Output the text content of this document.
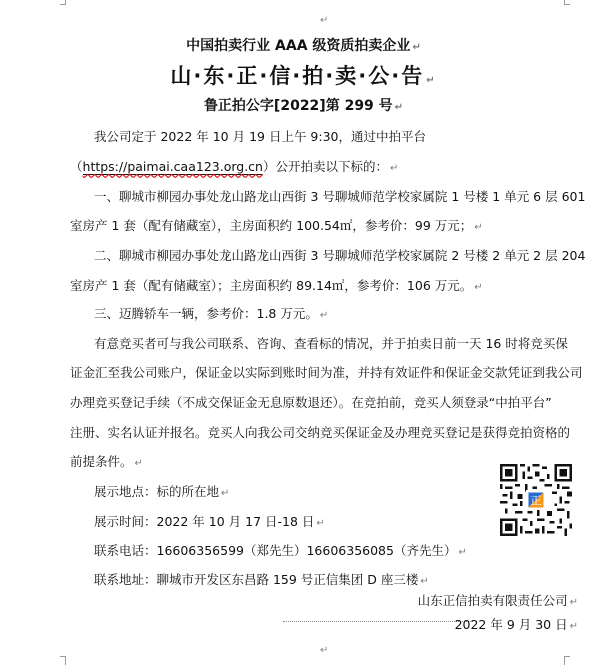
↵
中国拍卖行业 AAA 级资质拍卖企业 ↵
山·东·正·信·拍·卖·公·告 ↵
鲁正拍公字[2022]第 299 号 ↵
我公司定于 2022 年 10 月 19 日上午 9:30，通过中拍平台
（https://paimai.caa123.org.cn）公开拍卖以下标的： ↵
一、聊城市柳园办事处龙山路龙山西街 3 号聊城师范学校家属院 1 号楼 1 单元 6 层 601
室房产 1 套（配有储藏室），主房面积约 100.54㎡，参考价：99 万元； ↵
二、聊城市柳园办事处龙山路龙山西街 3 号聊城师范学校家属院 2 号楼 2 单元 2 层 204
室房产 1 套（配有储藏室）；主房面积约 89.14㎡，参考价：106 万元。 ↵
三、迈腾轿车一辆，参考价：1.8 万元。 ↵
有意竞买者可与我公司联系、咨询、查看标的情况，并于拍卖日前一天 16 时将竞买保
证金汇至我公司账户，保证金以实际到账时间为准，并持有效证件和保证金交款凭证到我公司
办理竞买登记手续（不成交保证金无息原数退还）。在竞拍前，竞买人须登录“中拍平台”
注册、实名认证并报名。竞买人向我公司交纳竞买保证金及办理竞买登记是获得竞拍资格的
前提条件。 ↵
展示地点：标的所在地 ↵
展示时间：2022 年 10 月 17 日-18 日 ↵
联系电话：16606356599（郑先生）16606356085（齐先生） ↵
联系地址：聊城市开发区东昌路 159 号正信集团 D 座三楼 ↵
正
山东正信拍卖有限责任公司 ↵
2022 年 9 月 30 日 ↵
↵
